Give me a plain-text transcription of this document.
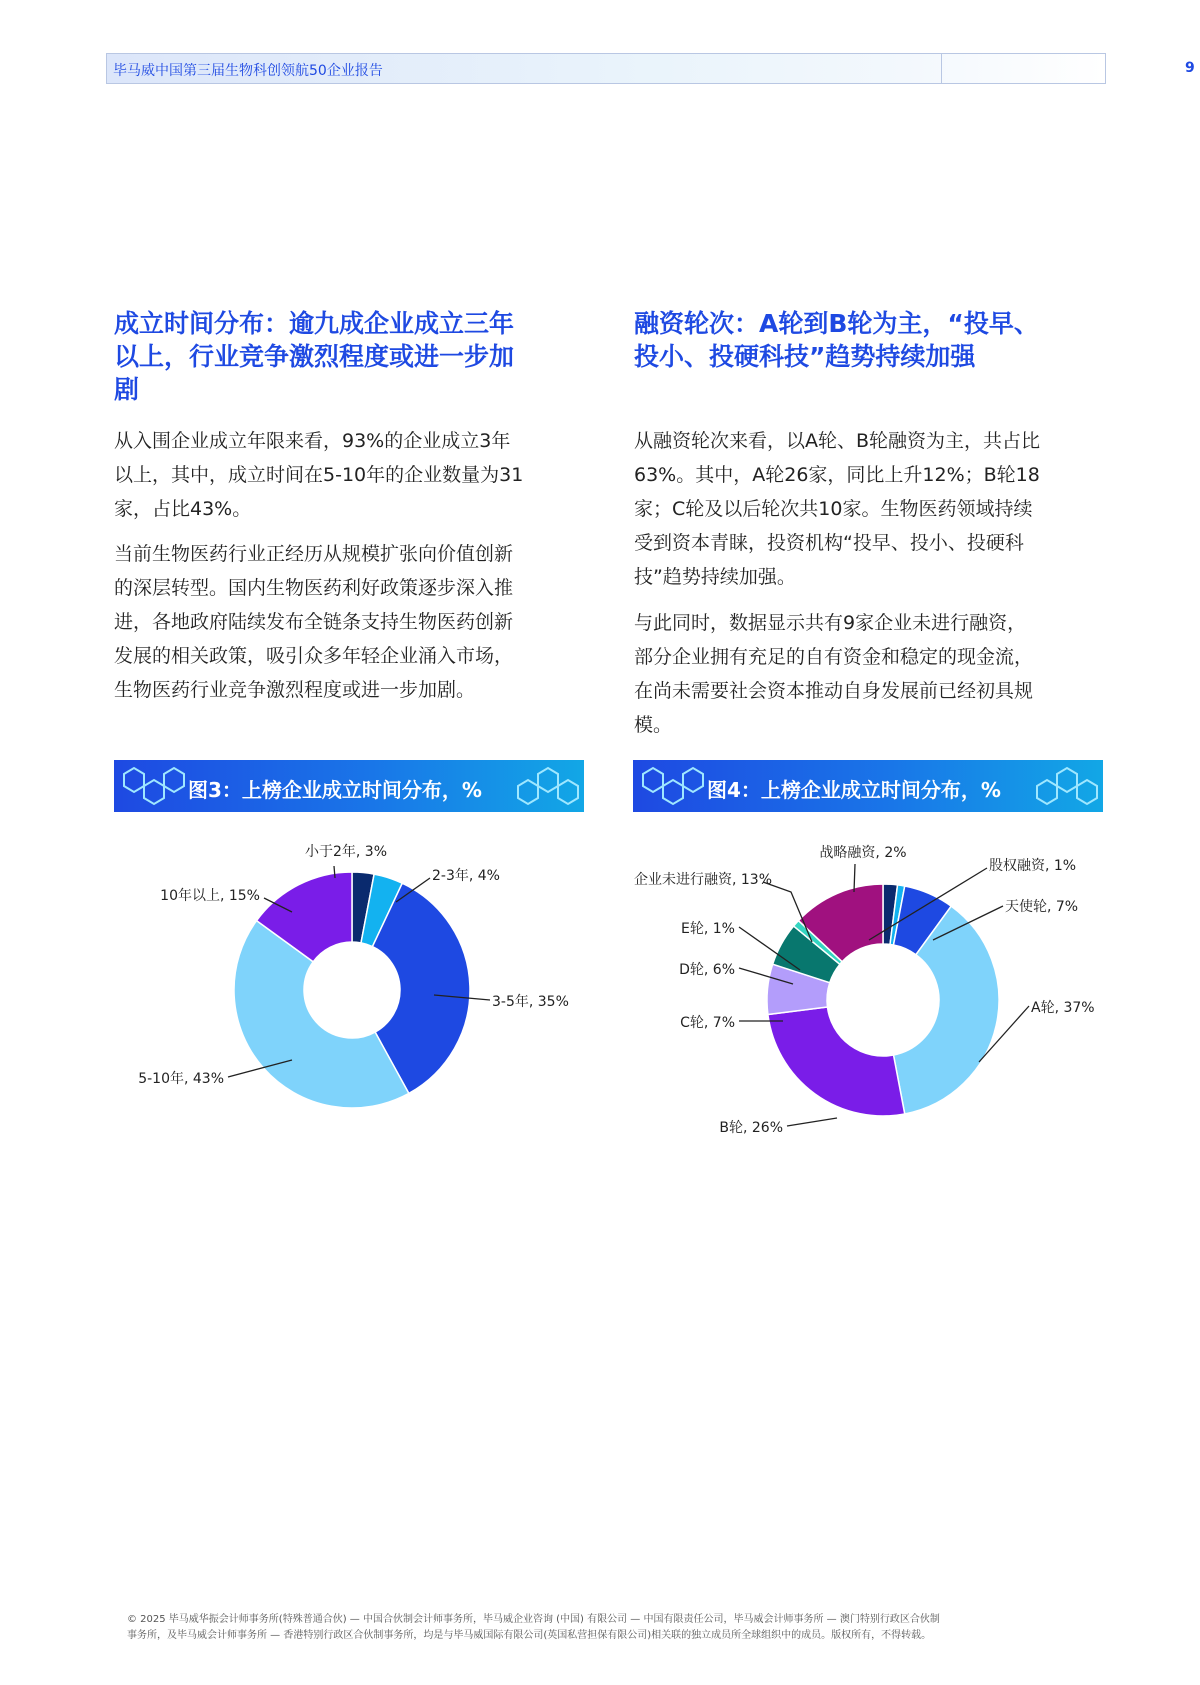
毕马威中国第三届生物科创领航50企业报告	9
成立时间分布：逾九成企业成立三年
以上，行业竞争激烈程度或进一步加
剧
从入围企业成立年限来看，93%的企业成立3年
以上，其中，成立时间在5-10年的企业数量为31
家，占比43%。
当前生物医药行业正经历从规模扩张向价值创新
的深层转型。国内生物医药利好政策逐步深入推
进，各地政府陆续发布全链条支持生物医药创新
发展的相关政策，吸引众多年轻企业涌入市场，
生物医药行业竞争激烈程度或进一步加剧。
融资轮次：A轮到B轮为主，“投早、
投小、投硬科技”趋势持续加强
从融资轮次来看，以A轮、B轮融资为主，共占比
63%。其中，A轮26家，同比上升12%；B轮18
家；C轮及以后轮次共10家。生物医药领域持续
受到资本青睐，投资机构“投早、投小、投硬科
技”趋势持续加强。
与此同时，数据显示共有9家企业未进行融资，
部分企业拥有充足的自有资金和稳定的现金流，
在尚未需要社会资本推动自身发展前已经初具规
模。
图3：上榜企业成立时间分布，%	图4：上榜企业成立时间分布，%
小于2年, 3%
2-3年, 4%
3-5年, 35%
5-10年, 43%
10年以上, 15%
战略融资, 2%
股权融资, 1%
天使轮, 7%
A轮, 37%
B轮, 26%
C轮, 7%
D轮, 6%
E轮, 1%
企业未进行融资, 13%
© 2025 毕马威华振会计师事务所(特殊普通合伙) — 中国合伙制会计师事务所，毕马威企业咨询 (中国) 有限公司 — 中国有限责任公司，毕马威会计师事务所 — 澳门特别行政区合伙制
事务所，及毕马威会计师事务所 — 香港特别行政区合伙制事务所，均是与毕马威国际有限公司(英国私营担保有限公司)相关联的独立成员所全球组织中的成员。版权所有，不得转载。
